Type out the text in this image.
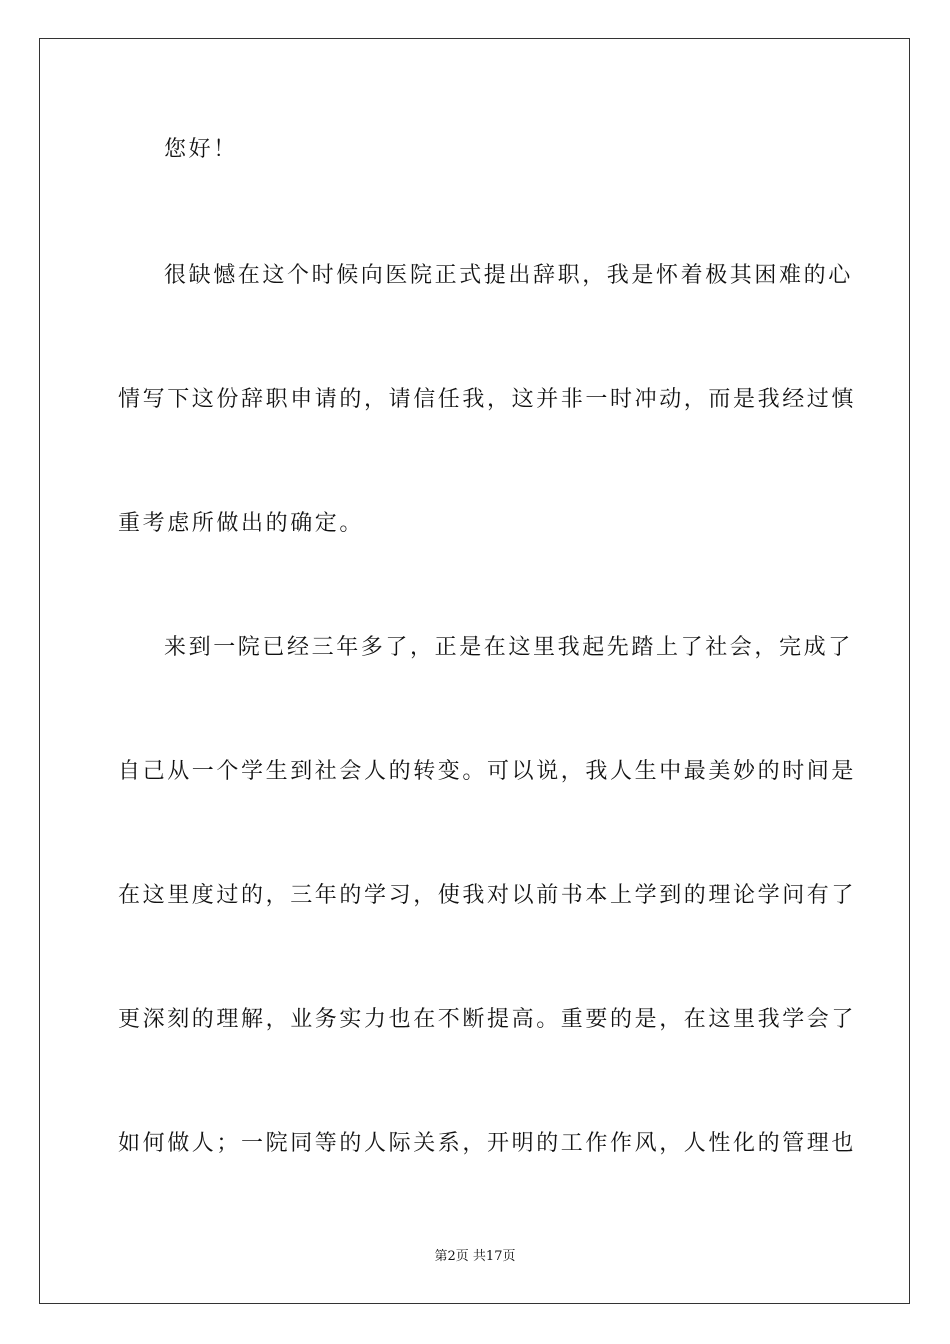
您好！
很缺憾在这个时候向医院正式提出辞职，我是怀着极其困难的心
情写下这份辞职申请的，请信任我，这并非一时冲动，而是我经过慎
重考虑所做出的确定。
来到一院已经三年多了，正是在这里我起先踏上了社会，完成了
自己从一个学生到社会人的转变。可以说，我人生中最美妙的时间是
在这里度过的，三年的学习，使我对以前书本上学到的理论学问有了
更深刻的理解，业务实力也在不断提高。重要的是，在这里我学会了
如何做人；一院同等的人际关系，开明的工作作风，人性化的管理也
第2页 共17页
